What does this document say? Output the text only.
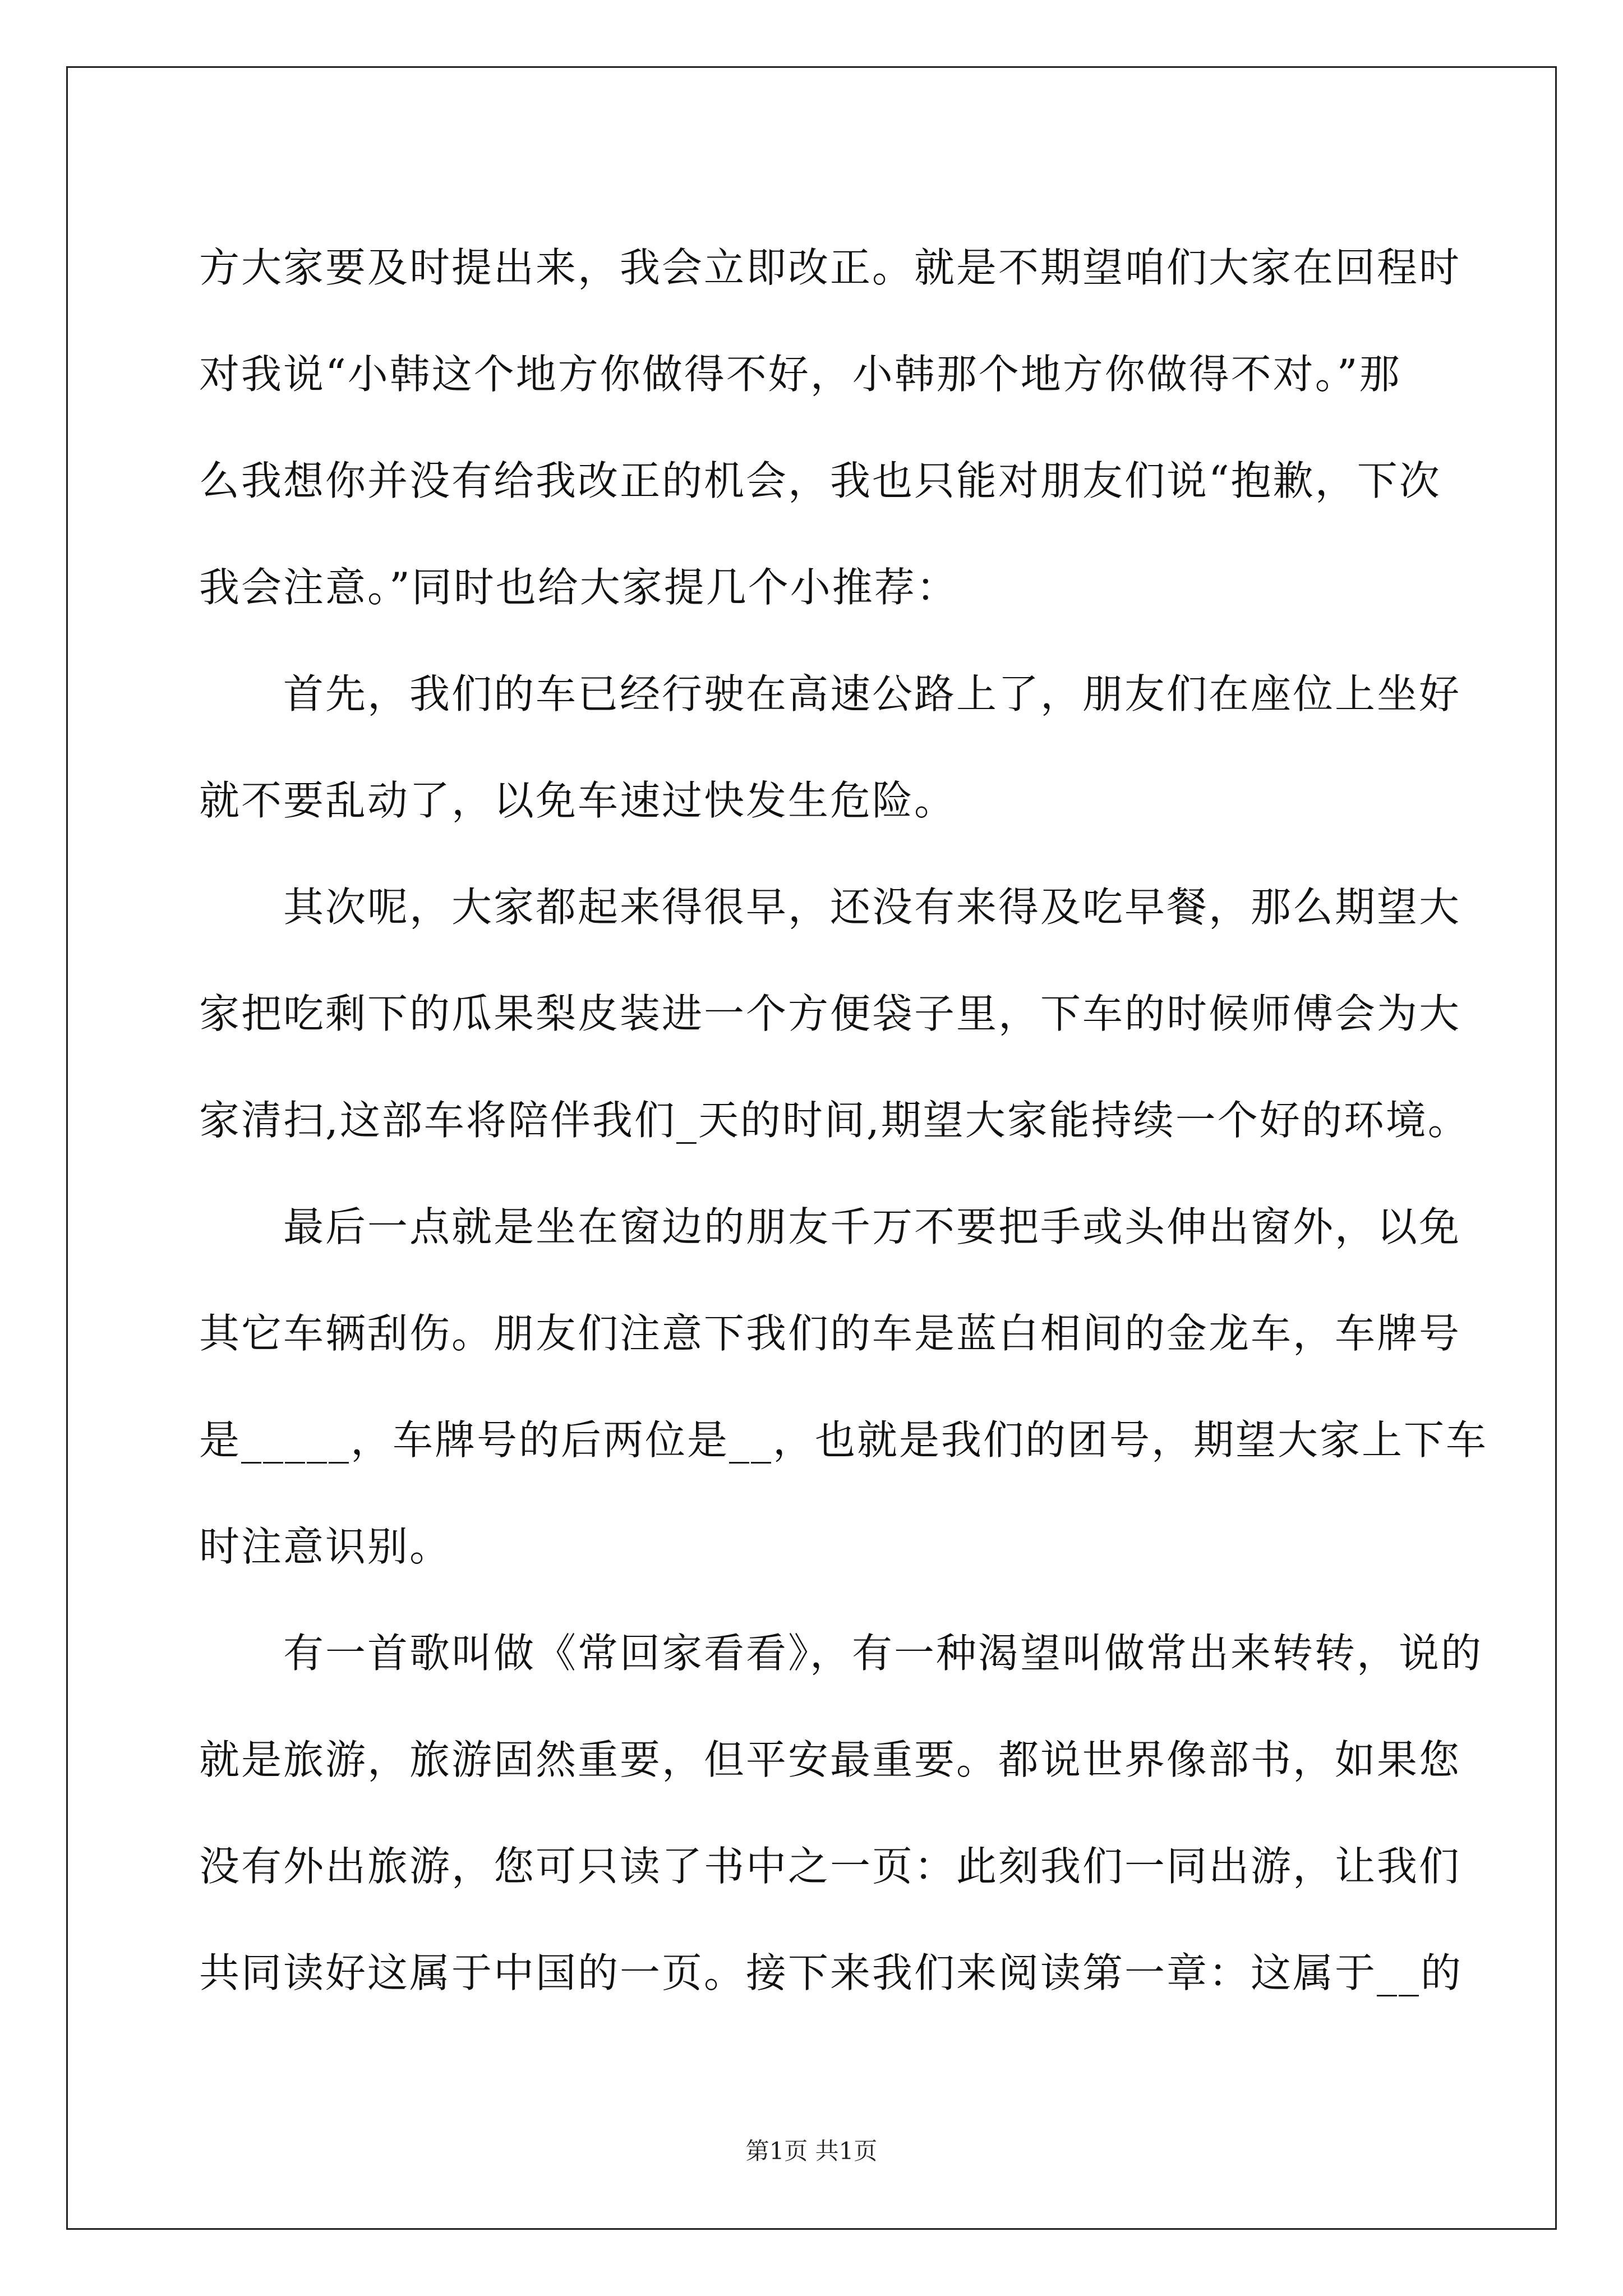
方大家要及时提出来，我会立即改正。就是不期望咱们大家在回程时
对我说“小韩这个地方你做得不好，小韩那个地方你做得不对。”那
么我想你并没有给我改正的机会，我也只能对朋友们说“抱歉，下次
我会注意。”同时也给大家提几个小推荐：
首先，我们的车已经行驶在高速公路上了，朋友们在座位上坐好
就不要乱动了，以免车速过快发生危险。
其次呢，大家都起来得很早，还没有来得及吃早餐，那么期望大
家把吃剩下的瓜果梨皮装进一个方便袋子里，下车的时候师傅会为大
家清扫,这部车将陪伴我们_天的时间,期望大家能持续一个好的环境。
最后一点就是坐在窗边的朋友千万不要把手或头伸出窗外，以免
其它车辆刮伤。朋友们注意下我们的车是蓝白相间的金龙车，车牌号
是_____，车牌号的后两位是__，也就是我们的团号，期望大家上下车
时注意识别。
有一首歌叫做《常回家看看》，有一种渴望叫做常出来转转，说的
就是旅游，旅游固然重要，但平安最重要。都说世界像部书，如果您
没有外出旅游，您可只读了书中之一页：此刻我们一同出游，让我们
共同读好这属于中国的一页。接下来我们来阅读第一章：这属于__的
第1页 共1页
